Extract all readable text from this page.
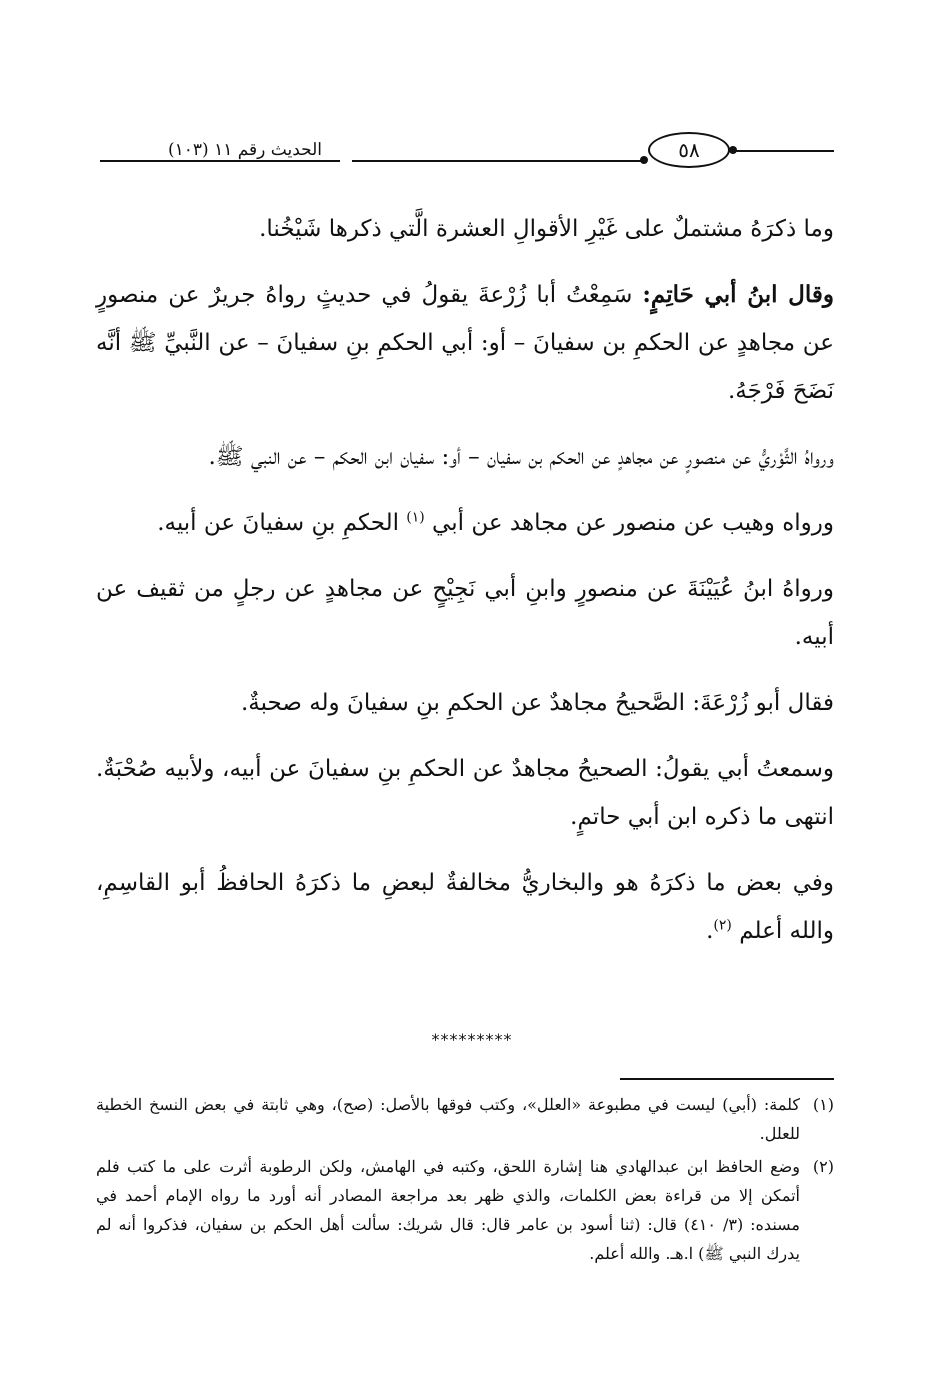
الحديث رقم ١١ (١٠٣)	٥٨

وما ذكرَهُ مشتملٌ على غَيْرِ الأقوالِ العشرة الَّتي ذكرها شَيْخُنا.

وقال ابنُ أبي حَاتِمٍ: سَمِعْتُ أبا زُرْعةَ يقولُ في حديثٍ رواهُ جريرٌ عن منصورٍ عن مجاهدٍ عن الحكمِ بن سفيانَ – أو: أبي الحكمِ بنِ سفيانَ – عن النَّبيِّ ﷺ أنَّه نَضَحَ فَرْجَهُ.

ورواهُ الثَّوْريُّ عن منصورٍ عن مجاهدٍ عن الحكم بن سفيان – أو: سفيان ابن الحكم – عن النبي ﷺ.

ورواه وهيب عن منصور عن مجاهد عن أبي $^{(١)}$ الحكمِ بنِ سفيانَ عن أبيه.

ورواهُ ابنُ عُيَيْنَةَ عن منصورٍ وابنِ أبي نَجِيْحٍ عن مجاهدٍ عن رجلٍ من ثقيف عن أبيه.

فقال أبو زُرْعَةَ: الصَّحيحُ مجاهدٌ عن الحكمِ بنِ سفيانَ وله صحبةٌ.

وسمعتُ أبي يقولُ: الصحيحُ مجاهدٌ عن الحكمِ بنِ سفيانَ عن أبيه، ولأبيه صُحْبَةٌ. انتهى ما ذكره ابن أبي حاتمٍ.

وفي بعض ما ذكرَهُ هو والبخاريُّ مخالفةٌ لبعضِ ما ذكرَهُ الحافظُ أبو القاسِمِ، والله أعلم $^{(٢)}$.

*********
(١)
كلمة: (أبي) ليست في مطبوعة «العلل»، وكتب فوقها بالأصل: (صح)، وهي ثابتة في بعض النسخ الخطية للعلل.
(٢)
وضع الحافظ ابن عبدالهادي هنا إشارة اللحق، وكتبه في الهامش، ولكن الرطوبة أثرت على ما كتب فلم أتمكن إلا من قراءة بعض الكلمات، والذي ظهر بعد مراجعة المصادر أنه أورد ما رواه الإمام أحمد في مسنده: (٣/ ٤١٠) قال: (ثنا أسود بن عامر قال: قال شريك: سألت أهل الحكم بن سفيان، فذكروا أنه لم يدرك النبي ﷺ) ا.هـ. والله أعلم.
